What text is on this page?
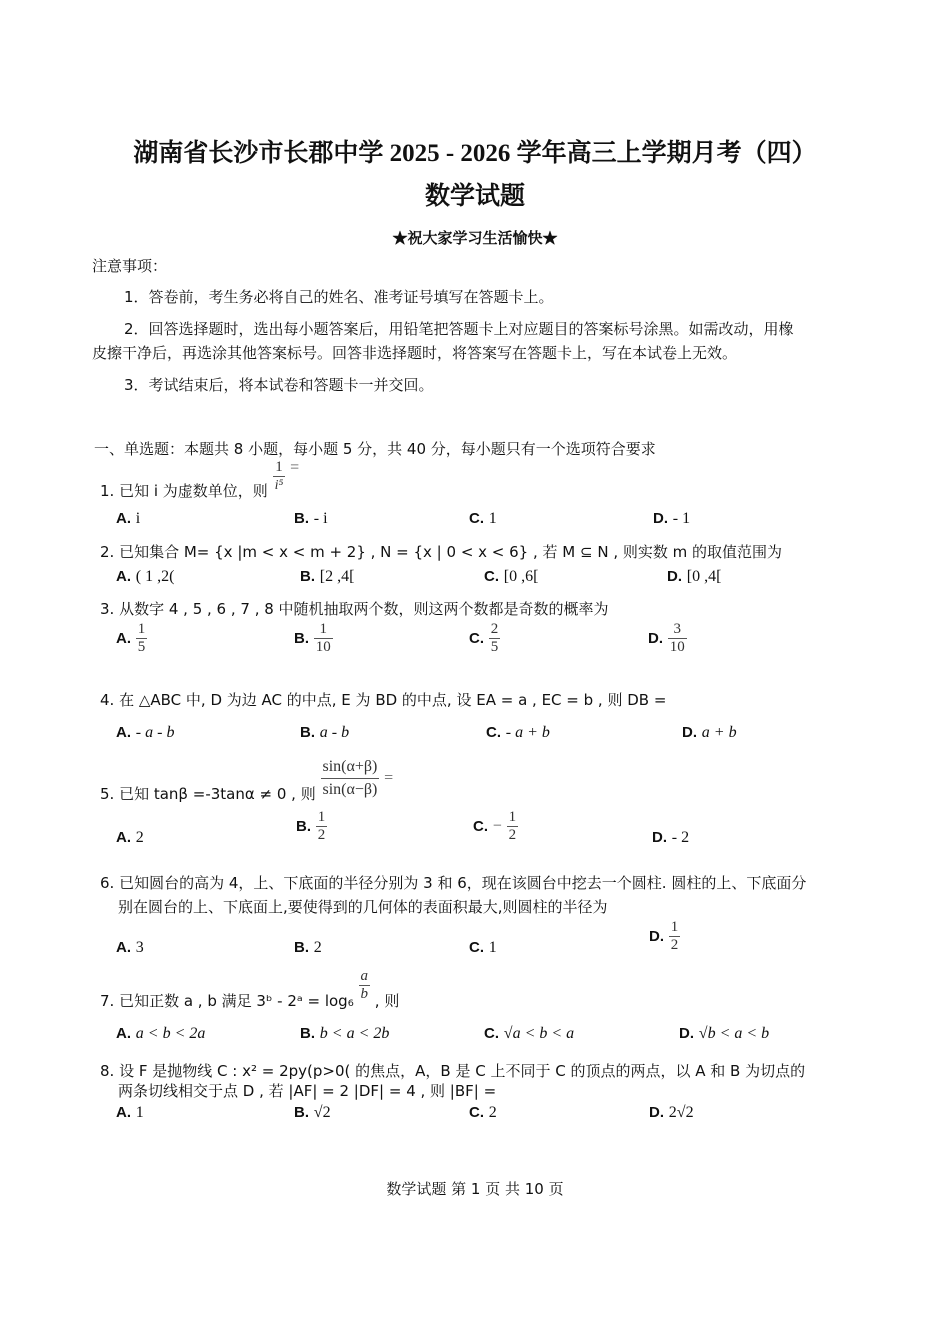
湖南省长沙市长郡中学 2025 - 2026 学年高三上学期月考（四）
数学试题
★祝大家学习生活愉快★
注意事项：
1．答卷前，考生务必将自己的姓名、准考证号填写在答题卡上。
2．回答选择题时，选出每小题答案后，用铅笔把答题卡上对应题目的答案标号涂黑。如需改动，用橡
皮擦干净后，再选涂其他答案标号。回答非选择题时，将答案写在答题卡上，写在本试卷上无效。
3．考试结束后，将本试卷和答题卡一并交回。
一、单选题：本题共 8 小题，每小题 5 分，共 40 分，每小题只有一个选项符合要求
1. 已知 i 为虚数单位，则 $\frac{1}{\text{i⁵}}$ =
A. i	B. - i	C. 1	D. - 1
2. 已知集合 M= {x |m < x < m + 2} , N = {x | 0 < x < 6} , 若 M ⊆ N , 则实数 m 的取值范围为
A. ( 1 ,2(	B. [2 ,4[	C. [0 ,6[	D. [0 ,4[
3. 从数字 4 , 5 , 6 , 7 , 8 中随机抽取两个数，则这两个数都是奇数的概率为
A. $\frac{1}{5}$	B. $\frac{1}{10}$	C. $\frac{2}{5}$	D. $\frac{3}{10}$
4. 在 △ABC 中, D 为边 AC 的中点, E 为 BD 的中点, 设 EA = a , EC = b , 则 DB =
A. - a - b	B. a - b	C. - a + b	D. a + b
5. 已知 tanβ =-3tanα ≠ 0 , 则 $\frac{\sin(\alpha+\beta)}{\sin(\alpha-\beta)}$ =
A. 2
B. $\frac{1}{2}$	C. − $\frac{1}{2}$	D. - 2
6. 已知圆台的高为 4，上、下底面的半径分别为 3 和 6，现在该圆台中挖去一个圆柱. 圆柱的上、下底面分
别在圆台的上、下底面上,要使得到的几何体的表面积最大,则圆柱的半径为
A. 3	B. 2	C. 1
D. $\frac{1}{2}$
7. 已知正数 a , b 满足 3ᵇ - 2ᵃ = $\log_6 \frac{a}{b}$ , 则
A. a < b < 2a	B. b < a < 2b	C. √a < b < a	D. √b < a < b
8. 设 F 是抛物线 C : x² = 2py(p>0( 的焦点，A，B 是 C 上不同于 C 的顶点的两点，以 A 和 B 为切点的
两条切线相交于点 D , 若 |AF| = 2 |DF| = 4 , 则 |BF| =
A. 1	B. √2	C. 2	D. 2√2
数学试题 第 1 页 共 10 页
